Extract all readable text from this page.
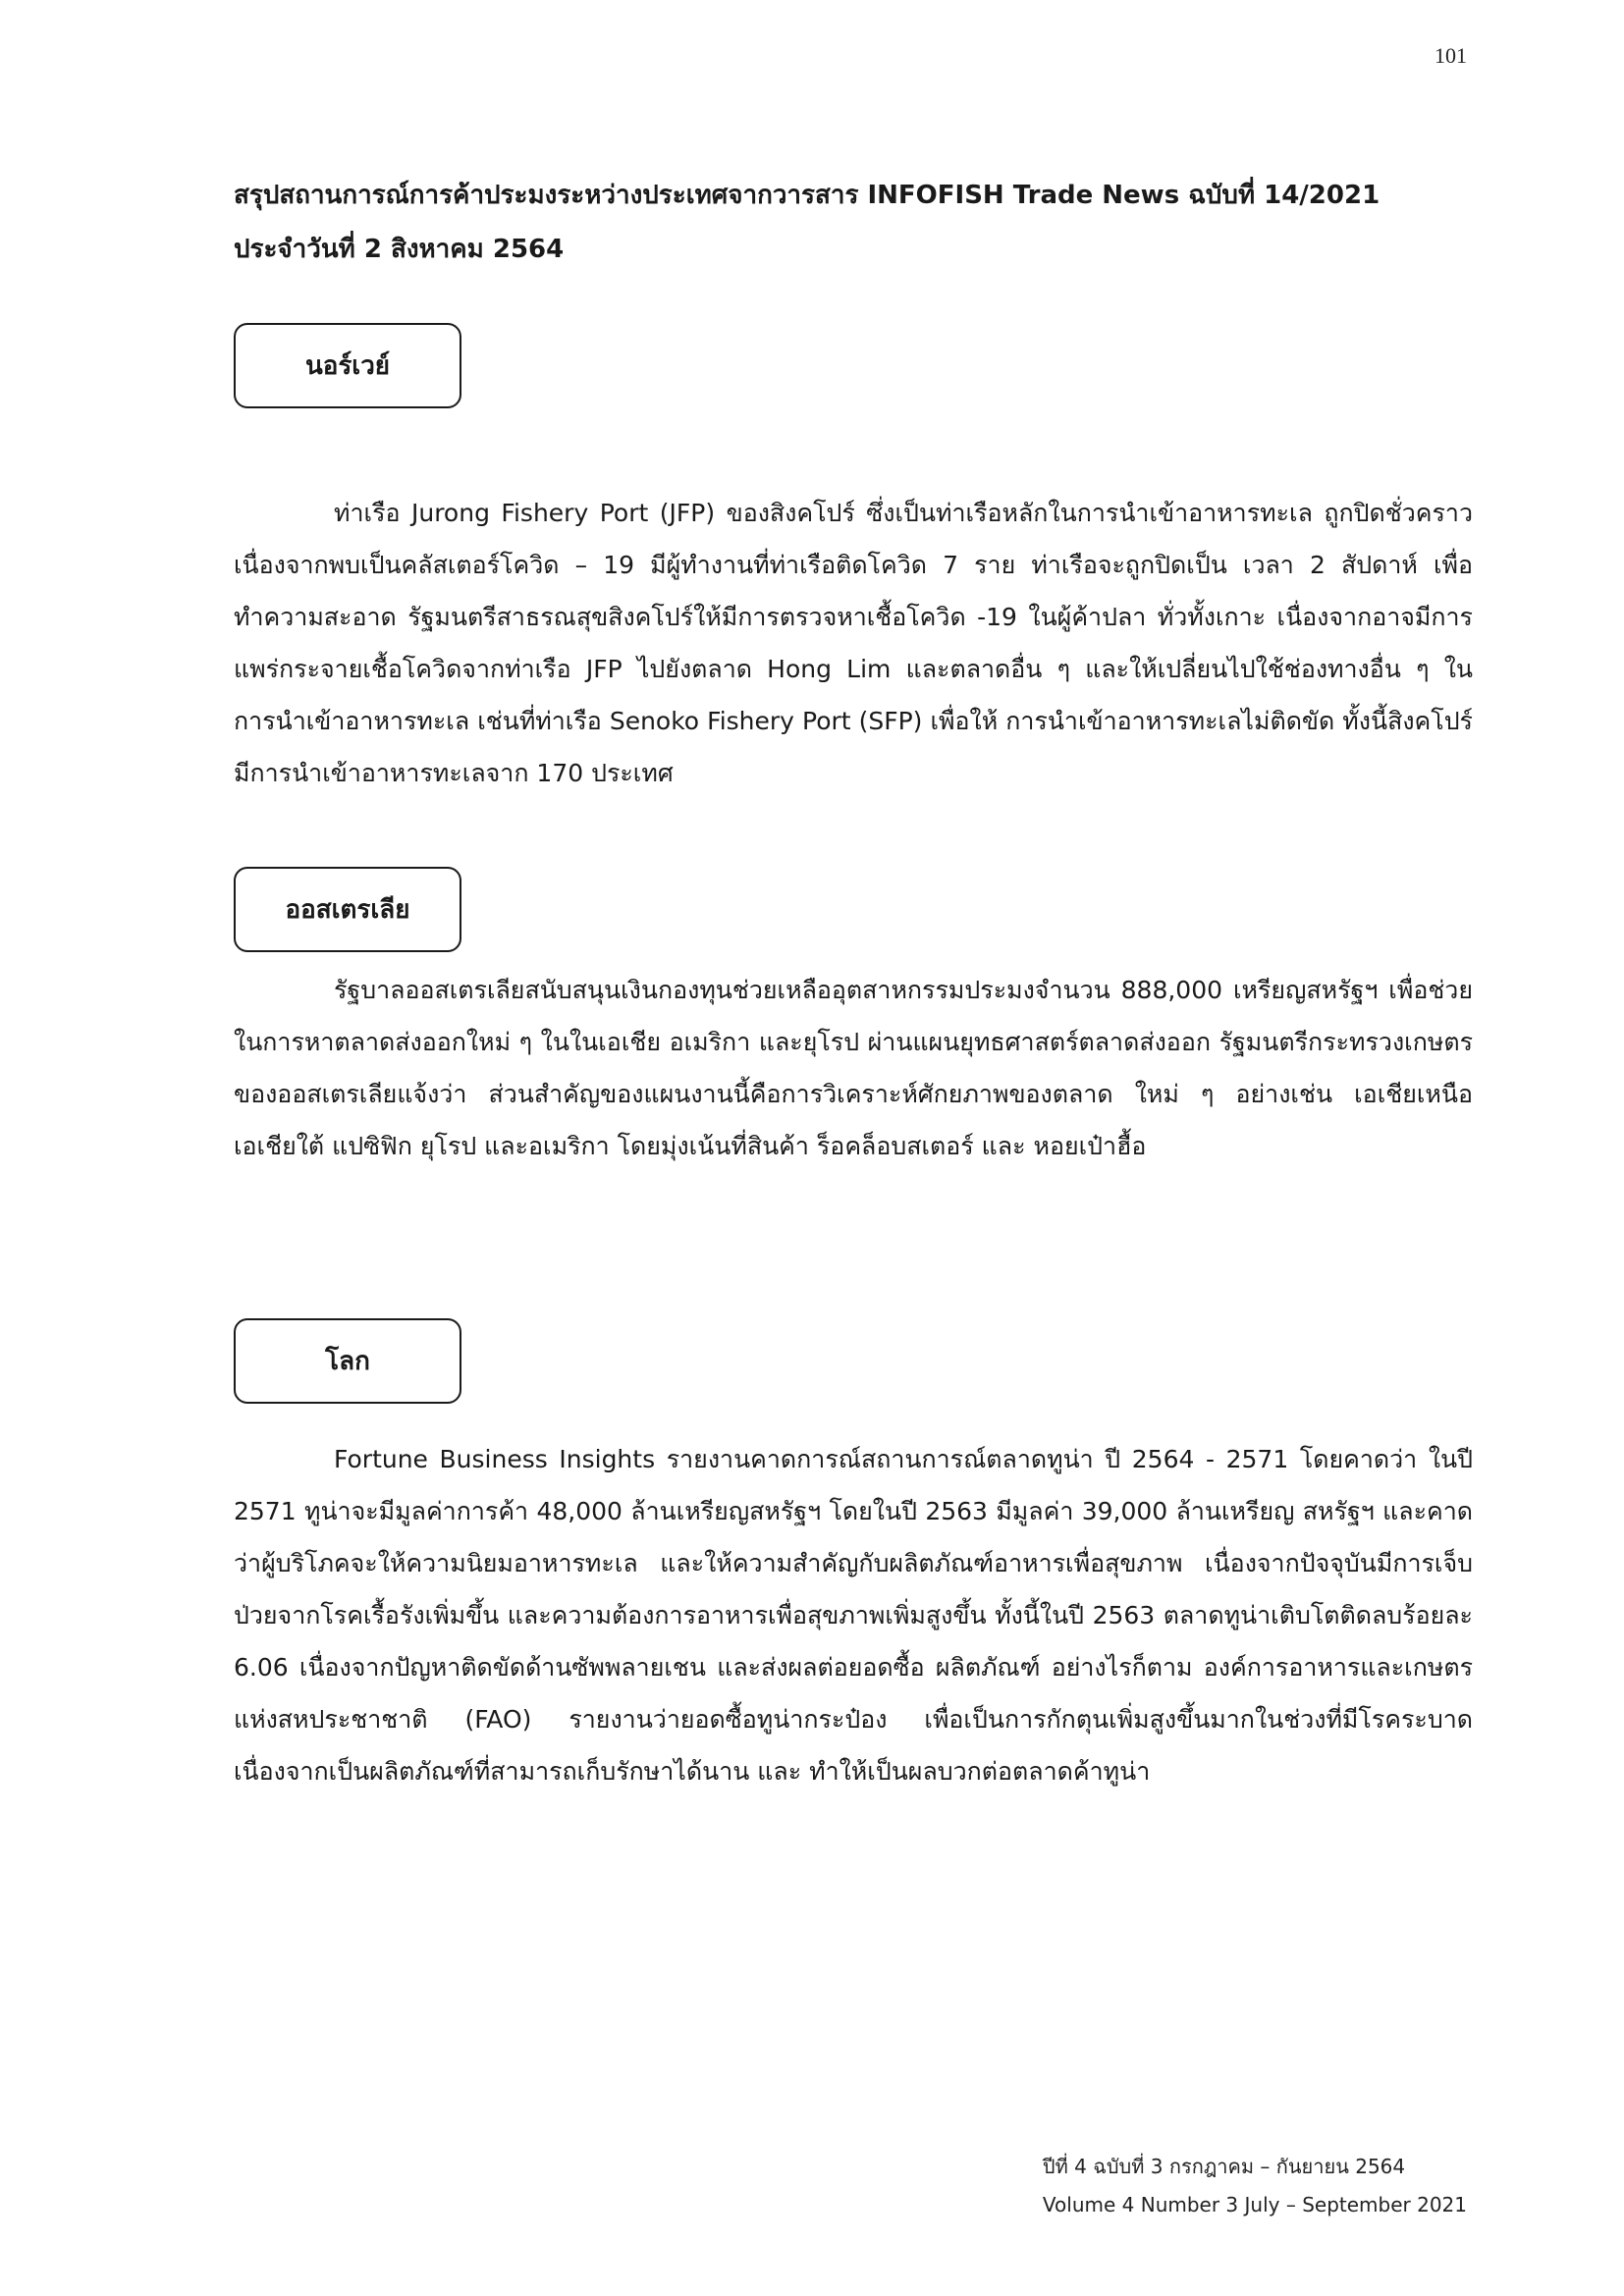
101
สรุปสถานการณ์การค้าประมงระหว่างประเทศจากวารสาร INFOFISH Trade News ฉบับที่ 14/2021
ประจำวันที่ 2 สิงหาคม 2564
นอร์เวย์

ท่าเรือ Jurong Fishery Port (JFP) ของสิงคโปร์ ซึ่งเป็นท่าเรือหลักในการนำเข้าอาหารทะเล ถูกปิดชั่วคราว เนื่องจากพบเป็นคลัสเตอร์โควิด – 19 มีผู้ทำงานที่ท่าเรือติดโควิด 7 ราย ท่าเรือจะถูกปิดเป็น เวลา 2 สัปดาห์ เพื่อทำความสะอาด รัฐมนตรีสาธรณสุขสิงคโปร์ให้มีการตรวจหาเชื้อโควิด -19 ในผู้ค้าปลา ทั่วทั้งเกาะ เนื่องจากอาจมีการแพร่กระจายเชื้อโควิดจากท่าเรือ JFP ไปยังตลาด Hong Lim และตลาดอื่น ๆ และให้เปลี่ยนไปใช้ช่องทางอื่น ๆ ในการนำเข้าอาหารทะเล เช่นที่ท่าเรือ Senoko Fishery Port (SFP) เพื่อให้ การนำเข้าอาหารทะเลไม่ติดขัด ทั้งนี้สิงคโปร์มีการนำเข้าอาหารทะเลจาก 170 ประเทศ

ออสเตรเลีย

รัฐบาลออสเตรเลียสนับสนุนเงินกองทุนช่วยเหลืออุตสาหกรรมประมงจำนวน 888,000 เหรียญสหรัฐฯ เพื่อช่วยในการหาตลาดส่งออกใหม่ ๆ ในในเอเชีย อเมริกา และยุโรป ผ่านแผนยุทธศาสตร์ตลาดส่งออก รัฐมนตรีกระทรวงเกษตรของออสเตรเลียแจ้งว่า ส่วนสำคัญของแผนงานนี้คือการวิเคราะห์ศักยภาพของตลาด ใหม่ ๆ อย่างเช่น เอเชียเหนือ เอเชียใต้ แปซิฟิก ยุโรป และอเมริกา โดยมุ่งเน้นที่สินค้า ร็อคล็อบสเตอร์ และ หอยเป๋าฮื้อ

โลก

Fortune Business Insights รายงานคาดการณ์สถานการณ์ตลาดทูน่า ปี 2564 - 2571 โดยคาดว่า ในปี 2571 ทูน่าจะมีมูลค่าการค้า 48,000 ล้านเหรียญสหรัฐฯ โดยในปี 2563 มีมูลค่า 39,000 ล้านเหรียญ สหรัฐฯ และคาดว่าผู้บริโภคจะให้ความนิยมอาหารทะเล และให้ความสำคัญกับผลิตภัณฑ์อาหารเพื่อสุขภาพ เนื่องจากปัจจุบันมีการเจ็บป่วยจากโรคเรื้อรังเพิ่มขึ้น และความต้องการอาหารเพื่อสุขภาพเพิ่มสูงขึ้น ทั้งนี้ในปี 2563 ตลาดทูน่าเติบโตติดลบร้อยละ 6.06 เนื่องจากปัญหาติดขัดด้านซัพพลายเชน และส่งผลต่อยอดซื้อ ผลิตภัณฑ์ อย่างไรก็ตาม องค์การอาหารและเกษตรแห่งสหประชาชาติ (FAO) รายงานว่ายอดซื้อทูน่ากระป๋อง เพื่อเป็นการกักตุนเพิ่มสูงขึ้นมากในช่วงที่มีโรคระบาด เนื่องจากเป็นผลิตภัณฑ์ที่สามารถเก็บรักษาได้นาน และ ทำให้เป็นผลบวกต่อตลาดค้าทูน่า

ปีที่ 4 ฉบับที่ 3 กรกฎาคม – กันยายน 2564
Volume 4 Number 3 July – September 2021
